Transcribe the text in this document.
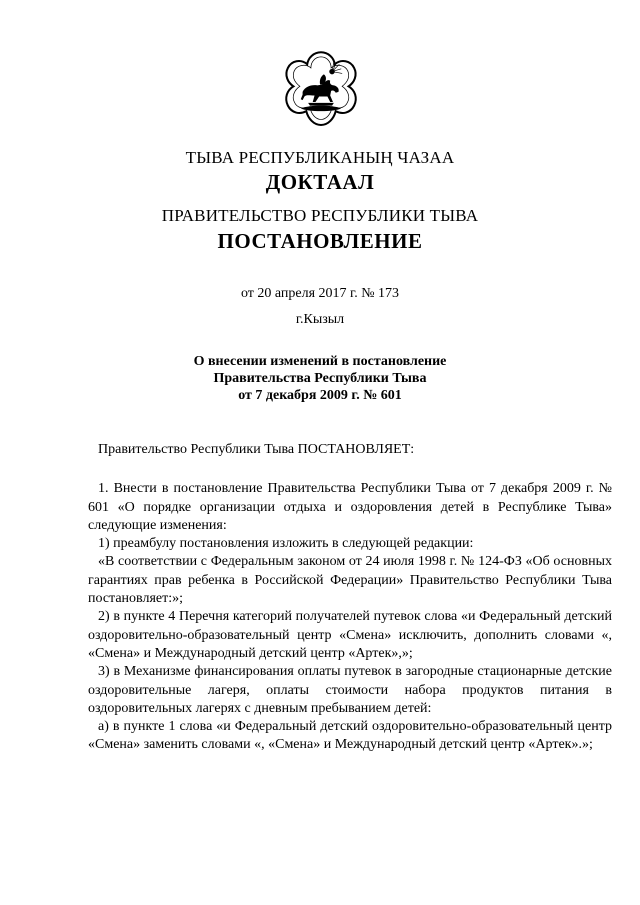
ТЫВА РЕСПУБЛИКАНЫҢ ЧАЗАА
ДОКТААЛ
ПРАВИТЕЛЬСТВО РЕСПУБЛИКИ ТЫВА
ПОСТАНОВЛЕНИЕ
от 20 апреля 2017 г. № 173
г.Кызыл
О внесении изменений в постановление
Правительства Республики Тыва
от 7 декабря 2009 г. № 601

Правительство Республики Тыва ПОСТАНОВЛЯЕТ:

1. Внести в постановление Правительства Республики Тыва от 7 декабря 2009 г. № 601 «О порядке организации отдыха и оздоровления детей в Республике Тыва» следующие изменения:

1) преамбулу постановления изложить в следующей редакции:

«В соответствии с Федеральным законом от 24 июля 1998 г. № 124-ФЗ «Об основных гарантиях прав ребенка в Российской Федерации» Правительство Республики Тыва постановляет:»;

2) в пункте 4 Перечня категорий получателей путевок слова «и Федеральный детский оздоровительно-образовательный центр «Смена» исключить, дополнить словами «, «Смена» и Международный детский центр «Артек»,»;

3) в Механизме финансирования оплаты путевок в загородные стационарные детские оздоровительные лагеря, оплаты стоимости набора продуктов питания в оздоровительных лагерях с дневным пребыванием детей:

а) в пункте 1 слова «и Федеральный детский оздоровительно-образовательный центр «Смена» заменить словами «, «Смена» и Международный детский центр «Артек».»;
